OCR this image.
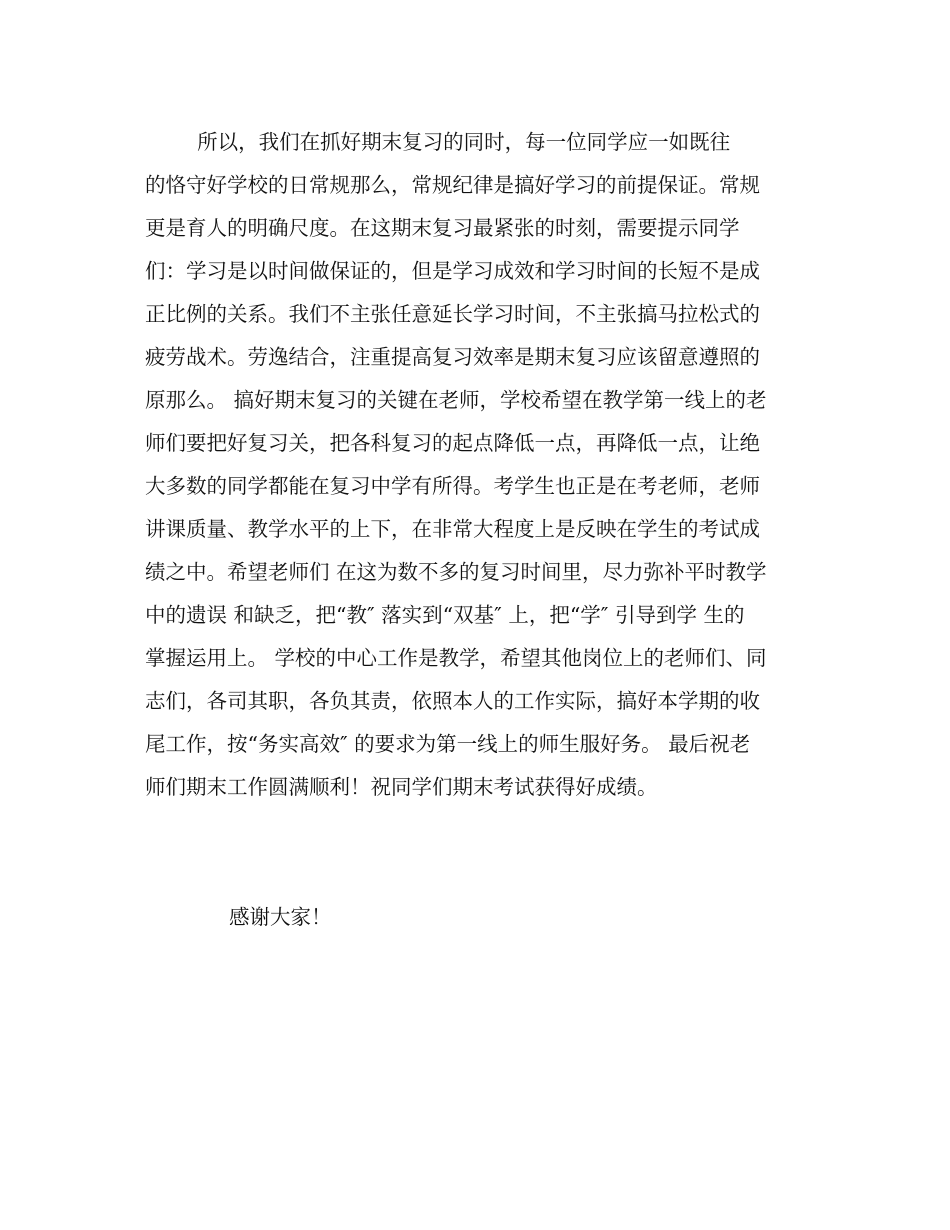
所以，我们在抓好期末复习的同时，每一位同学应一如既往
的恪守好学校的日常规那么，常规纪律是搞好学习的前提保证。常规
更是育人的明确尺度。在这期末复习最紧张的时刻，需要提示同学
们：学习是以时间做保证的，但是学习成效和学习时间的长短不是成
正比例的关系。我们不主张任意延长学习时间，不主张搞马拉松式的
疲劳战术。劳逸结合，注重提高复习效率是期末复习应该留意遵照的
原那么。 搞好期末复习的关键在老师，学校希望在教学第一线上的老
师们要把好复习关，把各科复习的起点降低一点，再降低一点，让绝
大多数的同学都能在复习中学有所得。考学生也正是在考老师，老师
讲课质量、教学水平的上下，在非常大程度上是反映在学生的考试成
绩之中。希望老师们 在这为数不多的复习时间里，尽力弥补平时教学
中的遗误 和缺乏，把“教″ 落实到“双基″ 上，把“学″ 引导到学 生的
掌握运用上。 学校的中心工作是教学，希望其他岗位上的老师们、同
志们，各司其职，各负其责，依照本人的工作实际，搞好本学期的收
尾工作，按“务实高效″ 的要求为第一线上的师生服好务。 最后祝老
师们期末工作圆满顺利！祝同学们期末考试获得好成绩。
感谢大家！
